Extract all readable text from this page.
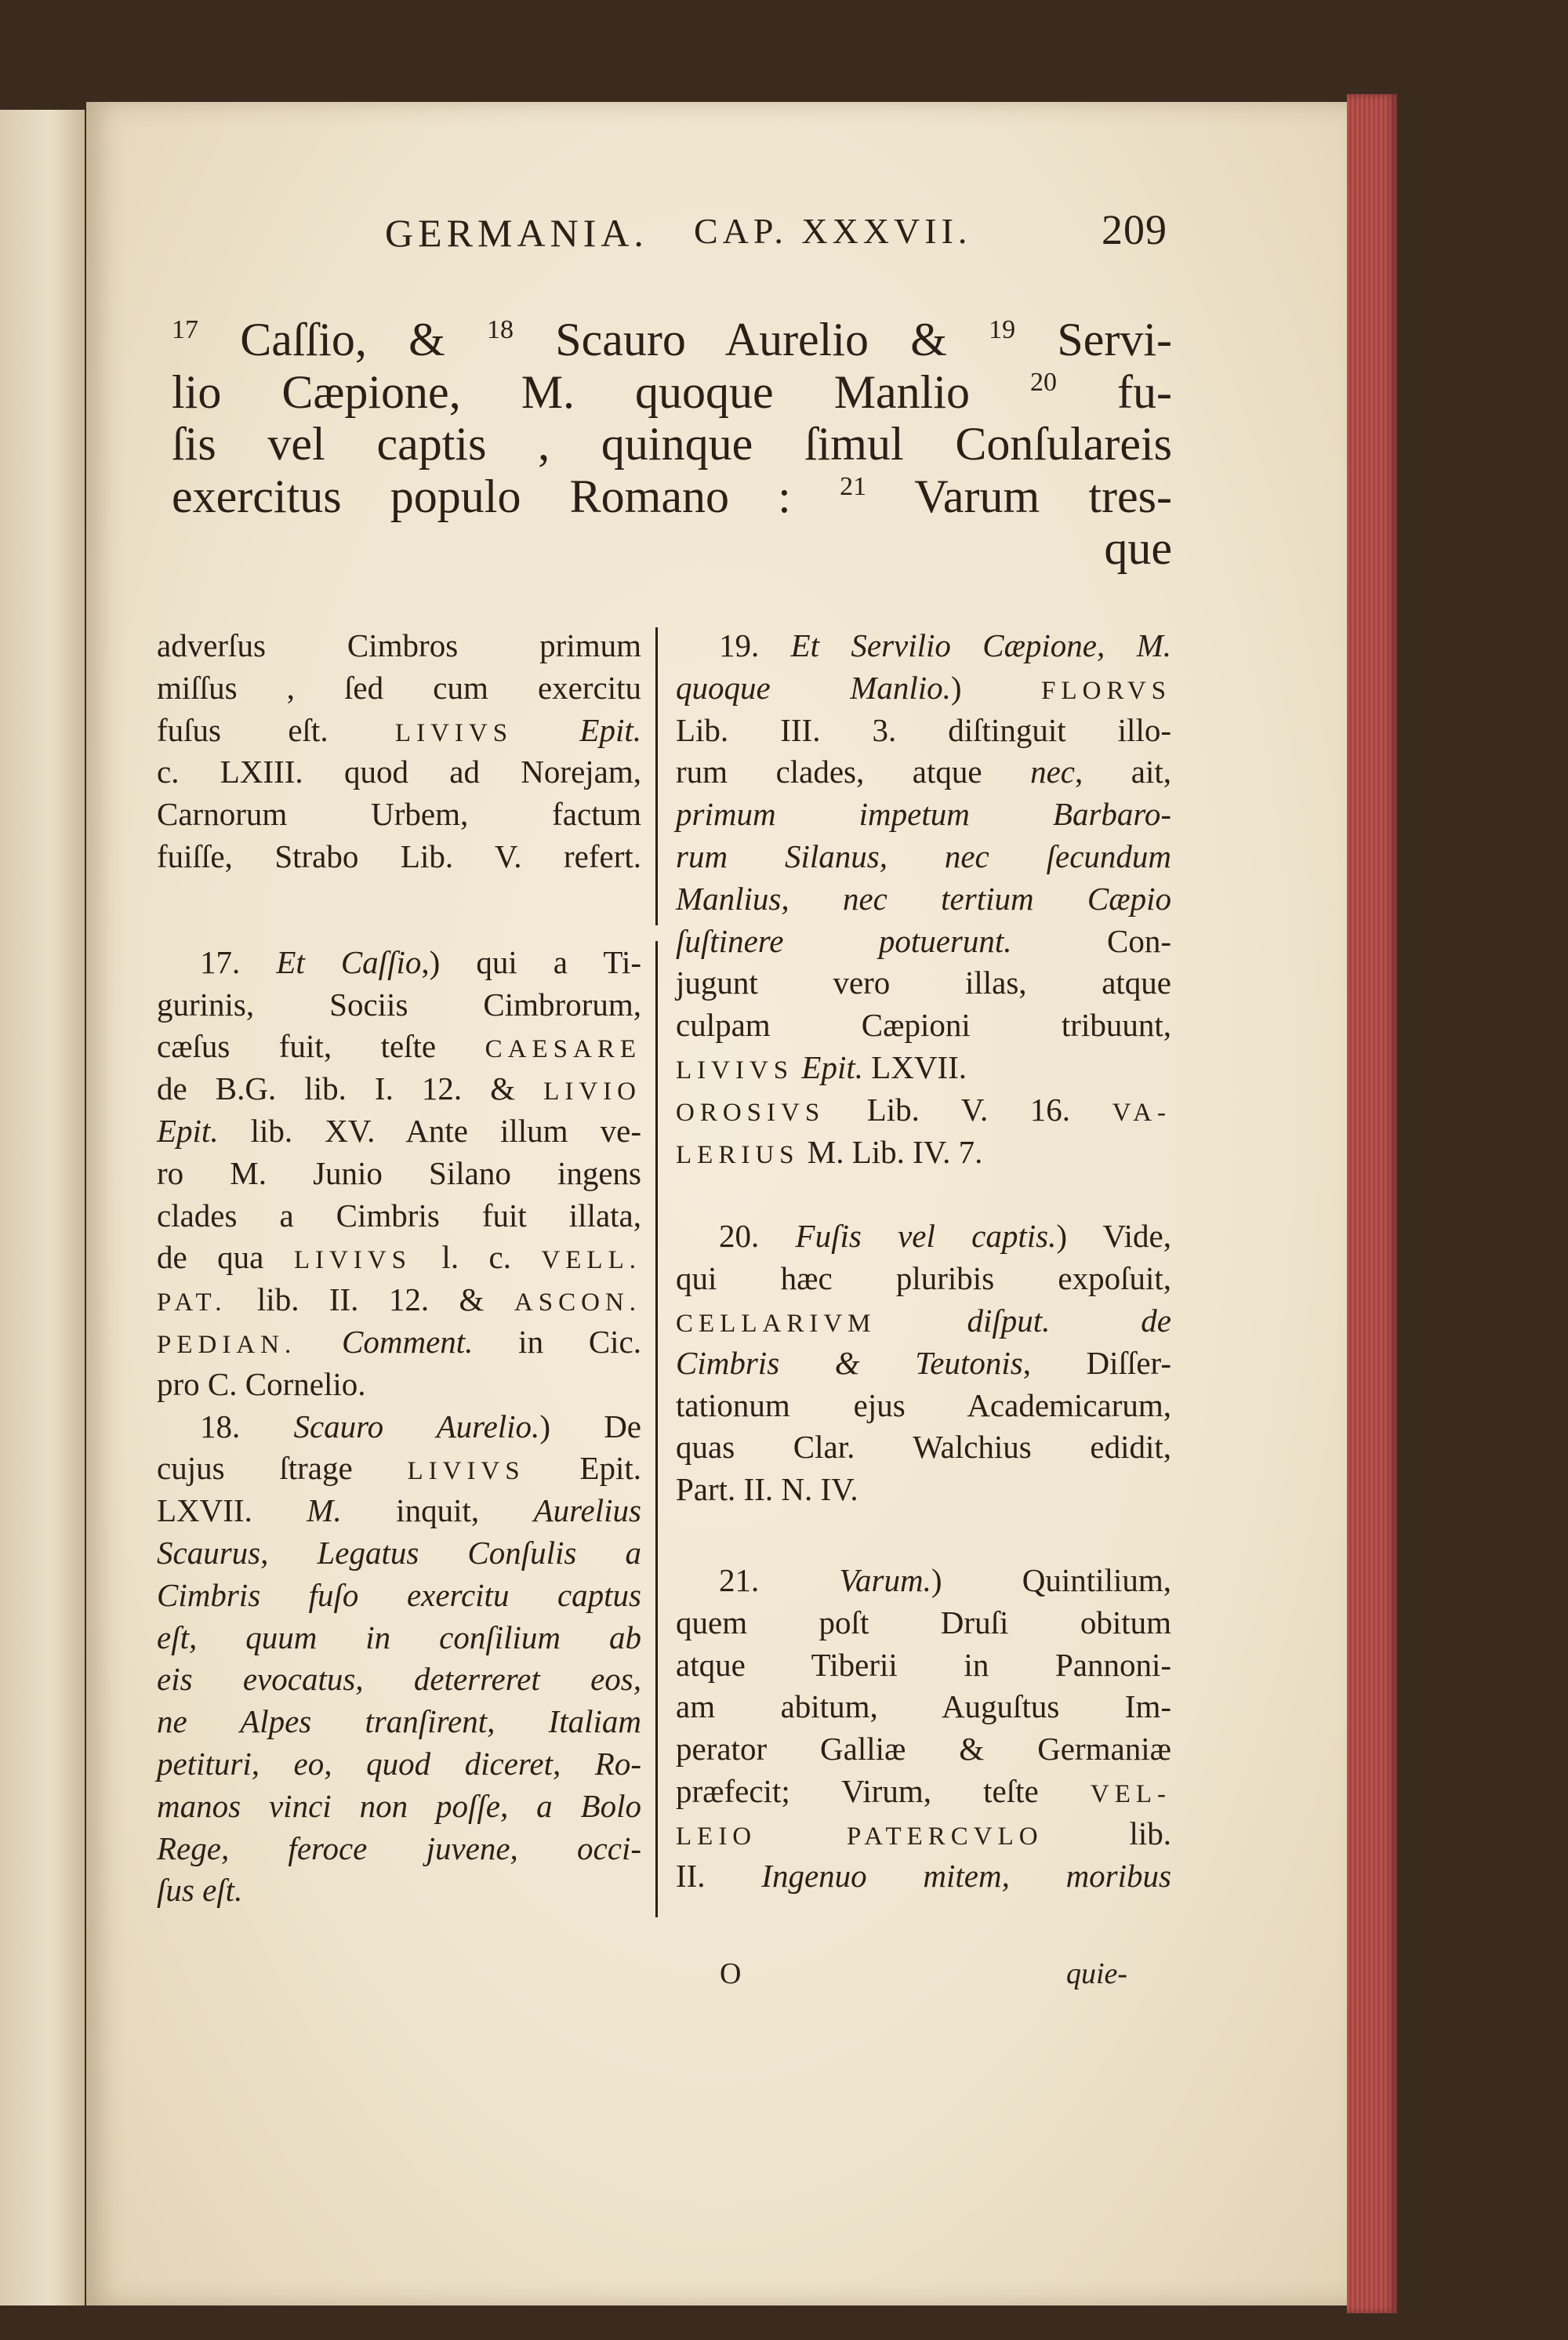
GERMANIA. CAP. XXXVII.	209
$^{17}$ Caſſio, & $^{18}$ Scauro Aurelio & $^{19}$ Servi-
lio Cæpione, M. quoque Manlio $^{20}$ fu-
ſis vel captis , quinque ſimul Conſulareis
exercitus populo Romano : $^{21}$ Varum tres-
que
adverſus Cimbros primum
miſſus , ſed cum exercitu
fuſus eſt. LIVIVS Epit.
c. LXIII. quod ad Norejam,
Carnorum Urbem, factum
fuiſſe, Strabo Lib. V. refert.
17. Et Caſſio,) qui a Ti-
gurinis, Sociis Cimbrorum,
cæſus fuit, teſte CAESARE
de B.G. lib. I. 12. & LIVIO
Epit. lib. XV. Ante illum ve-
ro M. Junio Silano ingens
clades a Cimbris fuit illata,
de qua LIVIVS l. c. VELL.
PAT. lib. II. 12. & ASCON.
PEDIAN. Comment. in Cic.
pro C. Cornelio.
18. Scauro Aurelio.) De
cujus ſtrage LIVIVS Epit.
LXVII. M. inquit, Aurelius
Scaurus, Legatus Conſulis a
Cimbris fuſo exercitu captus
eſt, quum in conſilium ab
eis evocatus, deterreret eos,
ne Alpes tranſirent, Italiam
petituri, eo, quod diceret, Ro-
manos vinci non poſſe, a Bolo
Rege, feroce juvene, occi-
ſus eſt.
19. Et Servilio Cæpione, M.
quoque Manlio.) FLORVS
Lib. III. 3. diſtinguit illo-
rum clades, atque nec, ait,
primum impetum Barbaro-
rum Silanus, nec ſecundum
Manlius, nec tertium Cæpio
ſuſtinere potuerunt. Con-
jugunt vero illas, atque
culpam Cæpioni tribuunt,
LIVIVS Epit. LXVII.
OROSIVS Lib. V. 16. VA-
LERIUS M. Lib. IV. 7.
20. Fuſis vel captis.) Vide,
qui hæc pluribis expoſuit,
CELLARIVM	diſput. de
Cimbris & Teutonis, Diſſer-
tationum ejus Academicarum,
quas Clar. Walchius edidit,
Part. II. N. IV.
21. Varum.) Quintilium,
quem poſt Druſi obitum
atque Tiberii in Pannoni-
am abitum, Auguſtus Im-
perator Galliæ & Germaniæ
præfecit; Virum, teſte VEL-
LEIO PATERCVLO lib.
II. Ingenuo mitem, moribus
O	quie-
